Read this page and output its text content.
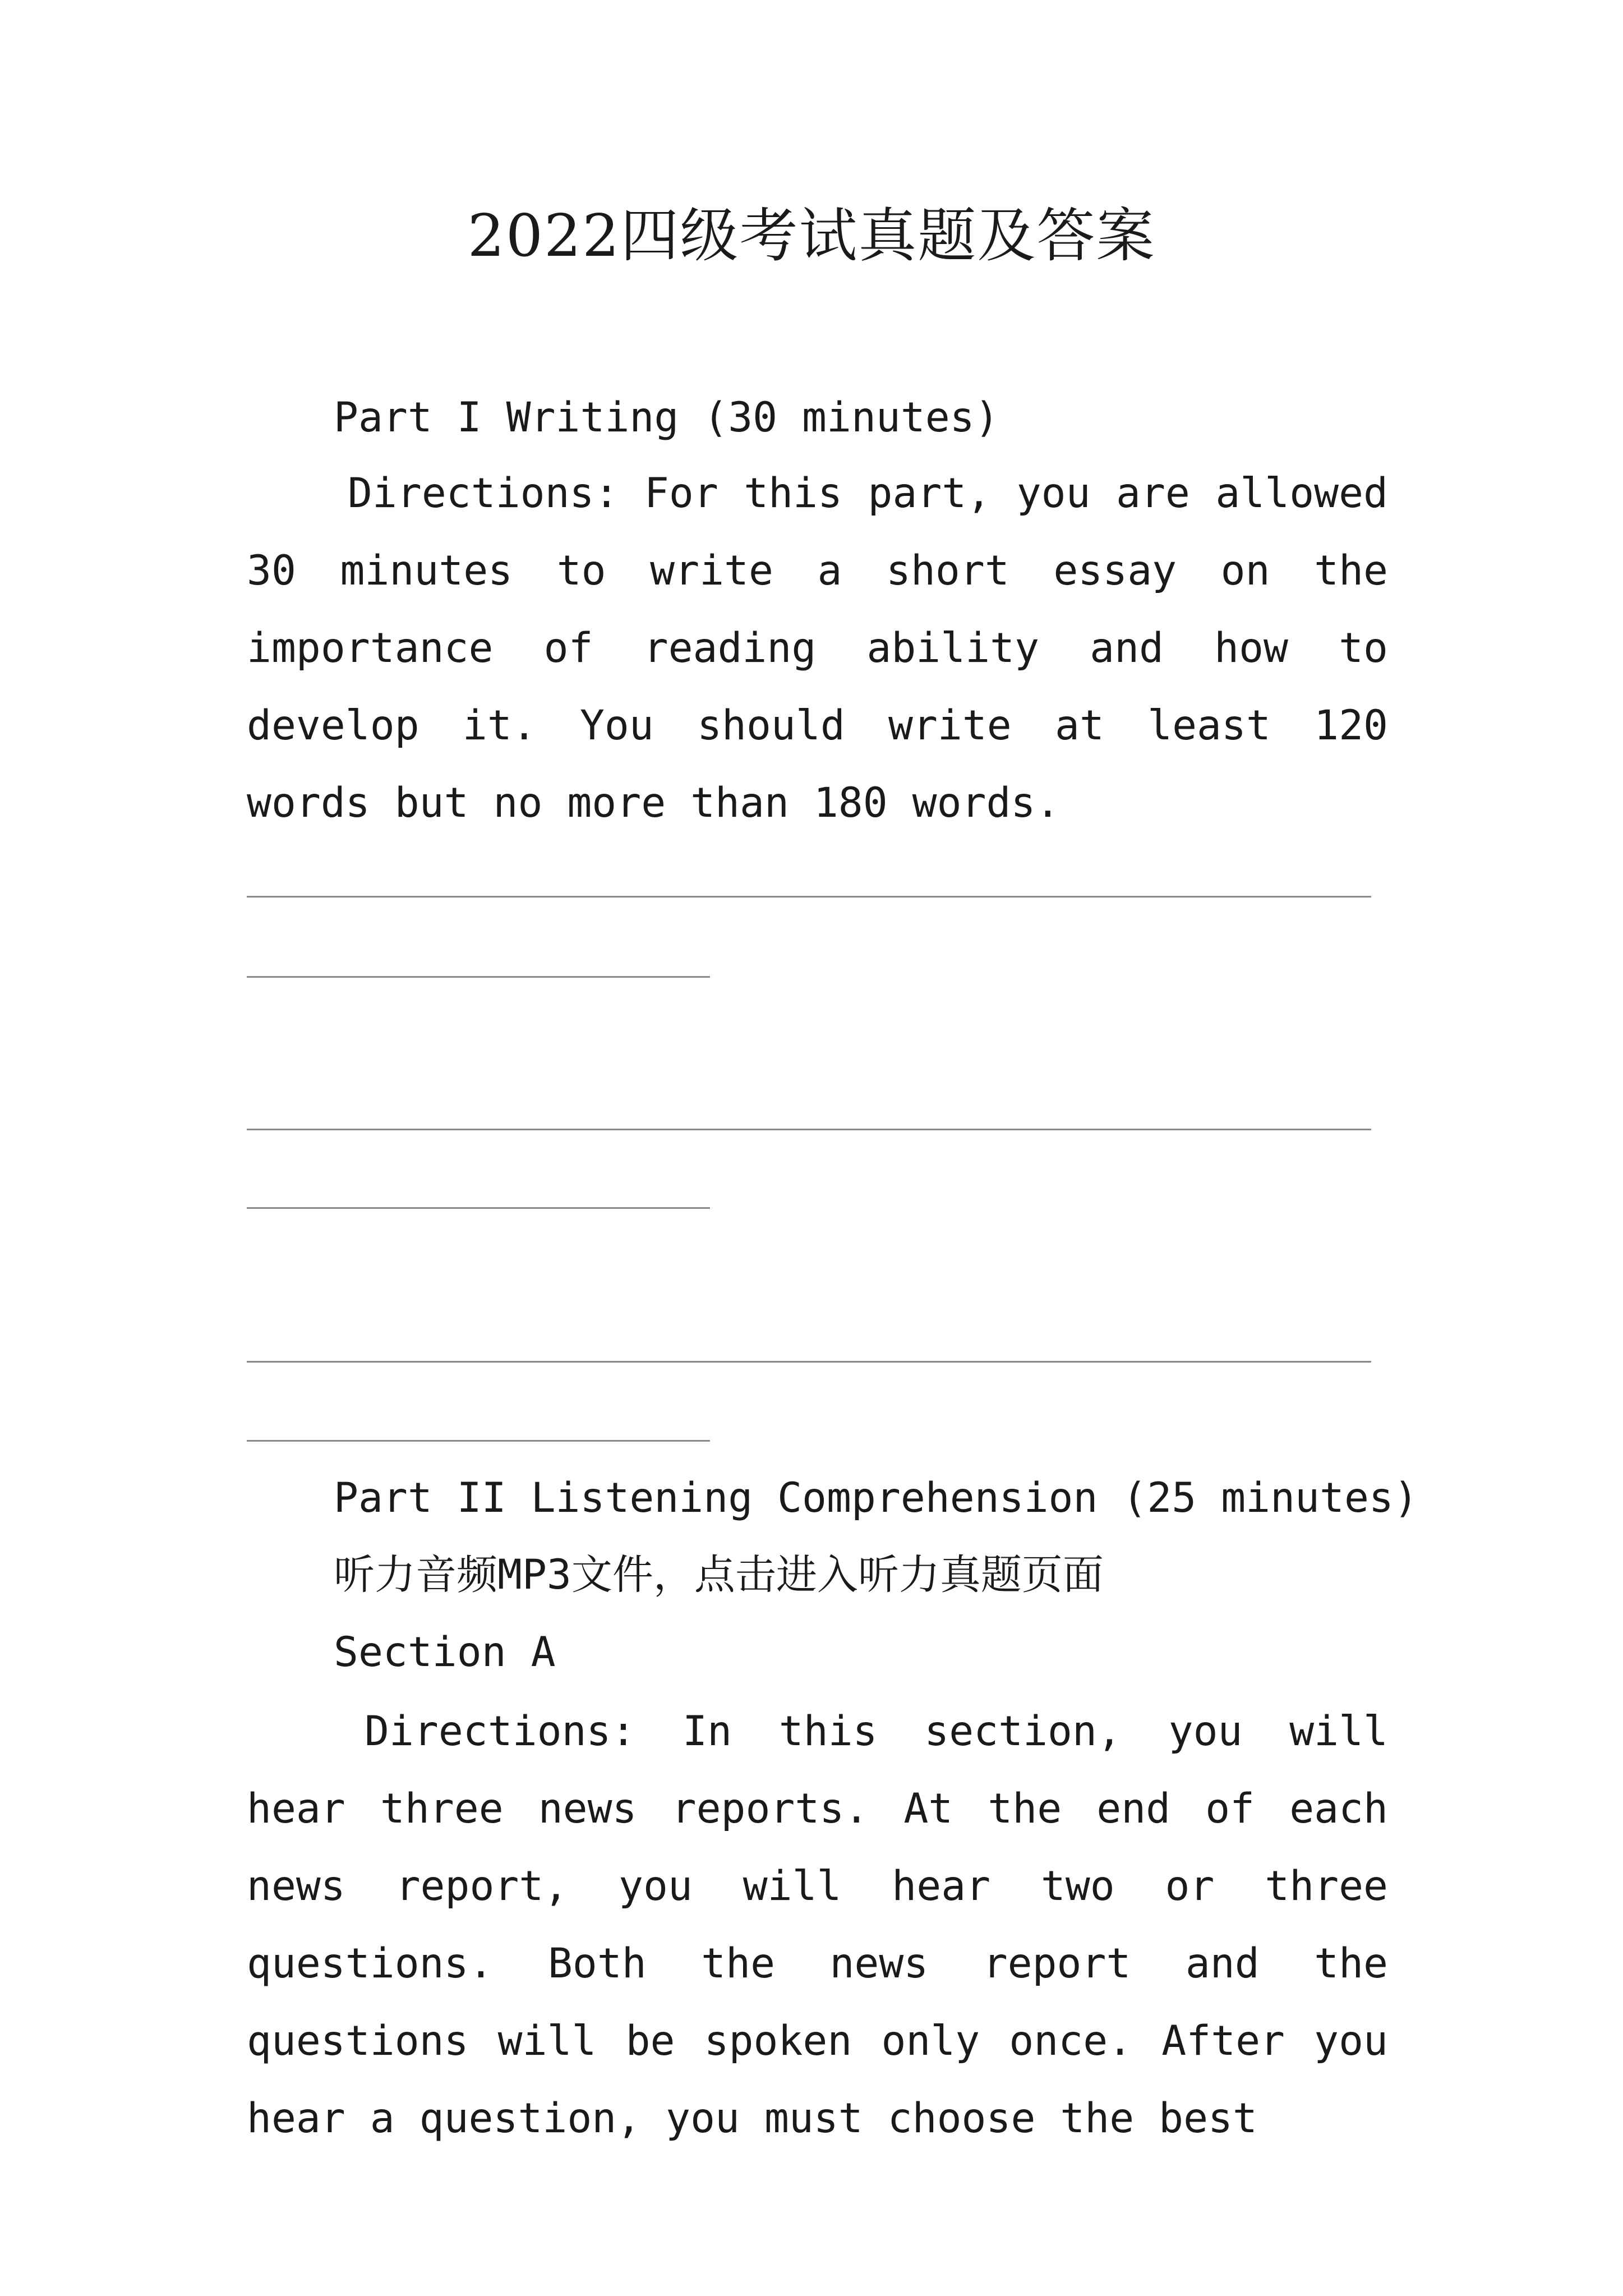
2022四级考试真题及答案

Part I Writing (30 minutes)

Directions: For this part, you are allowed 30 minutes to write a short essay on the importance of reading ability and how to develop it. You should write at least 120 words but no more than 180 words.

Part II Listening Comprehension (25 minutes)

听力音频MP3文件，点击进入听力真题页面

Section A

Directions: In this section, you will hear three news reports. At the end of each news report, you will hear two or three questions. Both the news report and the questions will be spoken only once. After you hear a question, you must choose the best
